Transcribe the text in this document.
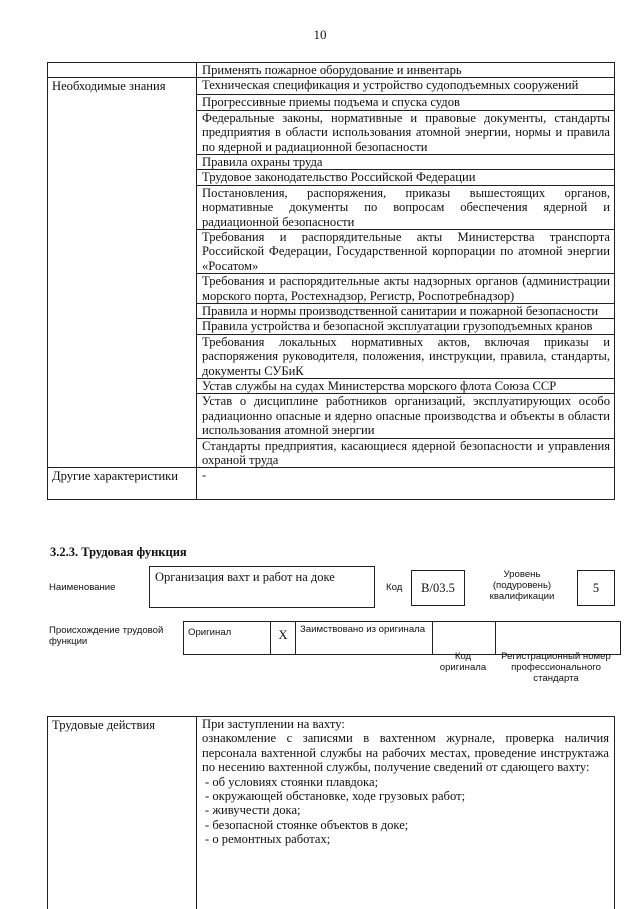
10
	Применять пожарное оборудование и инвентарь
Необходимые знания	Техническая спецификация и устройство судоподъемных сооружений
	Прогрессивные приемы подъема и спуска судов
	Федеральные законы, нормативные и правовые документы, стандарты предприятия в области использования атомной энергии, нормы и правила по ядерной и радиационной безопасности
	Правила охраны труда
	Трудовое законодательство Российской Федерации
	Постановления, распоряжения, приказы вышестоящих органов, нормативные документы по вопросам обеспечения ядерной и радиационной безопасности
	Требования и распорядительные акты Министерства транспорта Российской Федерации, Государственной корпорации по атомной энергии «Росатом»
	Требования и распорядительные акты надзорных органов (администрации морского порта, Ростехнадзор, Регистр, Роспотребнадзор)
	Правила и нормы производственной санитарии и пожарной безопасности
	Правила устройства и безопасной эксплуатации грузоподъемных кранов
	Требования локальных нормативных актов, включая приказы и распоряжения руководителя, положения, инструкции, правила, стандарты, документы СУБиК
	Устав службы на судах Министерства морского флота Союза ССР
	Устав о дисциплине работников организаций, эксплуатирующих особо радиационно опасные и ядерно опасные производства и объекты в области использования атомной энергии
	Стандарты предприятия, касающиеся ядерной безопасности и управления охраной труда
Другие характеристики	-
3.2.3. Трудовая функция
Наименование
Организация вахт и работ на доке
Код	B/03.5
Уровень (подуровень) квалификации
5
Происхождение трудовой функции
Оригинал	X	Заимствовано из оригинала		
Код оригинала
Регистрационный номер профессионального стандарта
Трудовые действия	При заступлении на вахту:
ознакомление с записями в вахтенном журнале, проверка наличия персонала вахтенной службы на рабочих местах, проведение инструктажа по несению вахтенной службы, получение сведений от сдающего вахту:
- об условиях стоянки плавдока;
- окружающей обстановке, ходе грузовых работ;
- живучести дока;
- безопасной стоянке объектов в доке;
- о ремонтных работах;
